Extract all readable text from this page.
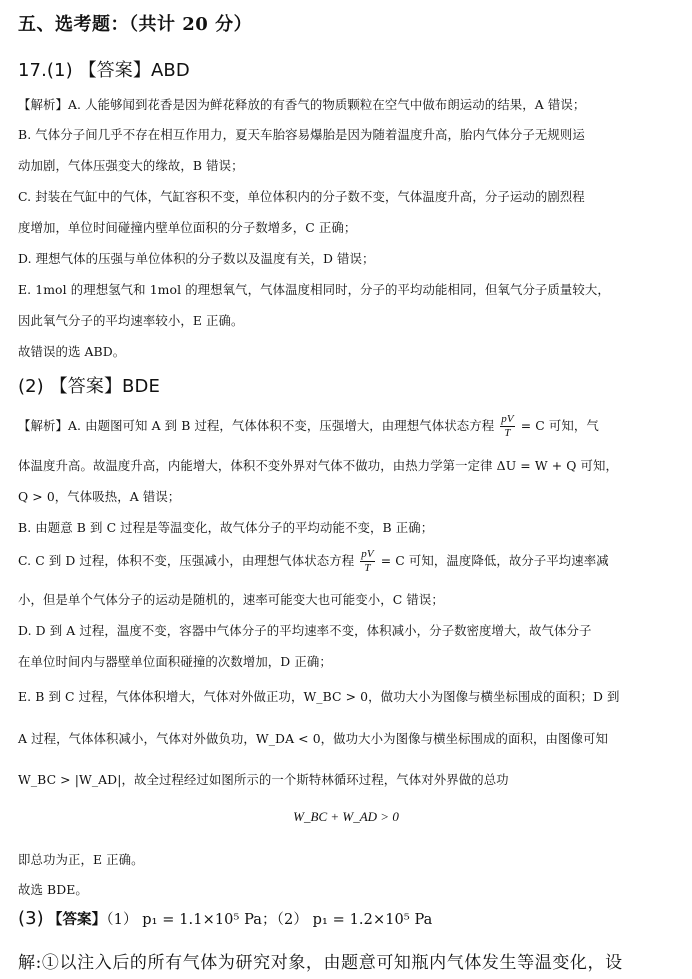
五、选考题：（共计 20 分）
17.(1) 【答案】ABD
【解析】A. 人能够闻到花香是因为鲜花释放的有香气的物质颗粒在空气中做布朗运动的结果，A 错误；
B. 气体分子间几乎不存在相互作用力，夏天车胎容易爆胎是因为随着温度升高，胎内气体分子无规则运
动加剧，气体压强变大的缘故，B 错误；
C. 封装在气缸中的气体，气缸容积不变，单位体积内的分子数不变，气体温度升高，分子运动的剧烈程
度增加，单位时间碰撞内壁单位面积的分子数增多，C 正确；
D. 理想气体的压强与单位体积的分子数以及温度有关，D 错误；
E. 1mol 的理想氢气和 1mol 的理想氧气，气体温度相同时，分子的平均动能相同，但氧气分子质量较大，
因此氧气分子的平均速率较小，E 正确。
故错误的选 ABD。
(2) 【答案】BDE
【解析】A. 由题图可知 A 到 B 过程，气体体积不变，压强增大，由理想气体状态方程 $\frac{pV}{T} = C$ 可知，气
体温度升高。故温度升高，内能增大，体积不变外界对气体不做功，由热力学第一定律 ΔU = W + Q 可知，
Q > 0，气体吸热，A 错误；
B. 由题意 B 到 C 过程是等温变化，故气体分子的平均动能不变，B 正确；
C. C 到 D 过程，体积不变，压强减小，由理想气体状态方程 $\frac{pV}{T} = C$ 可知，温度降低，故分子平均速率减
小，但是单个气体分子的运动是随机的，速率可能变大也可能变小，C 错误；
D. D 到 A 过程，温度不变，容器中气体分子的平均速率不变，体积减小，分子数密度增大，故气体分子
在单位时间内与器壁单位面积碰撞的次数增加，D 正确；
E. B 到 C 过程，气体体积增大，气体对外做正功，W_BC > 0，做功大小为图像与横坐标围成的面积；D 到
A 过程，气体体积减小，气体对外做负功，W_DA < 0，做功大小为图像与横坐标围成的面积，由图像可知
W_BC > |W_AD|，故全过程经过如图所示的一个斯特林循环过程，气体对外界做的总功
W_BC + W_AD > 0
即总功为正，E 正确。
故选 BDE。
(3) 【答案】（1） p₁ = 1.1×10⁵ Pa；（2） p₁ = 1.2×10⁵ Pa
解:①以注入后的所有气体为研究对象，由题意可知瓶内气体发生等温变化，设
